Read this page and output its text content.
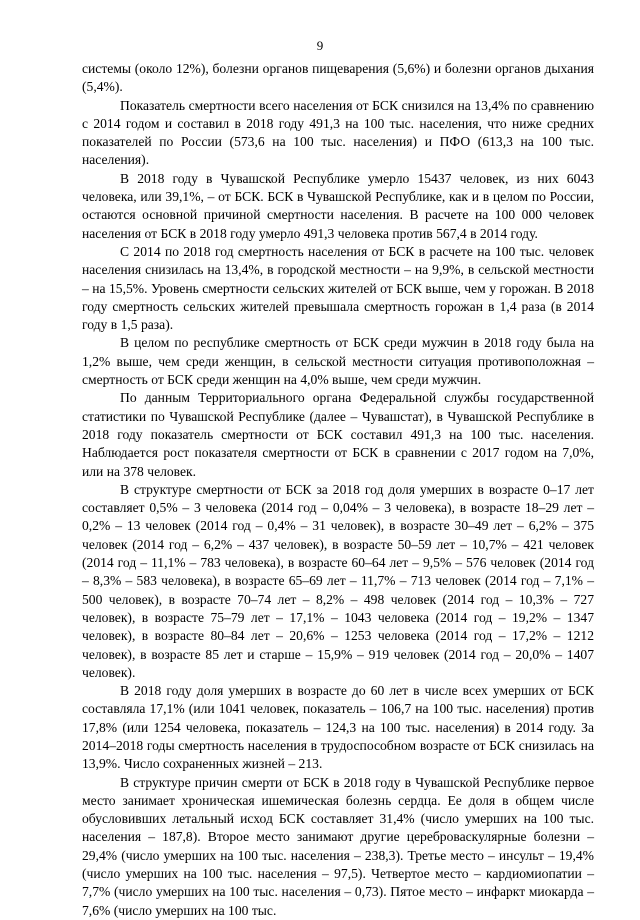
9

системы (около 12%), болезни органов пищеварения (5,6%) и болезни органов дыхания (5,4%).

Показатель смертности всего населения от БСК снизился на 13,4% по сравнению с 2014 годом и составил в 2018 году 491,3 на 100 тыс. населения, что ниже средних показателей по России (573,6 на 100 тыс. населения) и ПФО (613,3 на 100 тыс. населения).

В 2018 году в Чувашской Республике умерло 15437 человек, из них 6043 человека, или 39,1%, – от БСК. БСК в Чувашской Республике, как и в целом по России, остаются основной причиной смертности населения. В расчете на 100 000 человек населения от БСК в 2018 году умерло 491,3 человека против 567,4 в 2014 году.

С 2014 по 2018 год смертность населения от БСК в расчете на 100 тыс. человек населения снизилась на 13,4%, в городской местности – на 9,9%, в сельской местности – на 15,5%. Уровень смертности сельских жителей от БСК выше, чем у горожан. В 2018 году смертность сельских жителей превышала смертность горожан в 1,4 раза (в 2014 году в 1,5 раза).

В целом по республике смертность от БСК среди мужчин в 2018 году была на 1,2% выше, чем среди женщин, в сельской местности ситуация противоположная – смертность от БСК среди женщин на 4,0% выше, чем среди мужчин.

По данным Территориального органа Федеральной службы государственной статистики по Чувашской Республике (далее – Чувашстат), в Чувашской Республике в 2018 году показатель смертности от БСК составил 491,3 на 100 тыс. населения. Наблюдается рост показателя смертности от БСК в сравнении с 2017 годом на 7,0%, или на 378 человек.

В структуре смертности от БСК за 2018 год доля умерших в возрасте 0–17 лет составляет 0,5% – 3 человека (2014 год – 0,04% – 3 человека), в возрасте 18–29 лет – 0,2% – 13 человек (2014 год – 0,4% – 31 человек), в возрасте 30–49 лет – 6,2% – 375 человек (2014 год – 6,2% – 437 человек), в возрасте 50–59 лет – 10,7% – 421 человек (2014 год – 11,1% – 783 человека), в возрасте 60–64 лет – 9,5% – 576 человек (2014 год – 8,3% – 583 человека), в возрасте 65–69 лет – 11,7% – 713 человек (2014 год – 7,1% – 500 человек), в возрасте 70–74 лет – 8,2% – 498 человек (2014 год – 10,3% – 727 человек), в возрасте 75–79 лет – 17,1% – 1043 человека (2014 год – 19,2% – 1347 человек), в возрасте 80–84 лет – 20,6% – 1253 человека (2014 год – 17,2% – 1212 человек), в возрасте 85 лет и старше – 15,9% – 919 человек (2014 год – 20,0% – 1407 человек).

В 2018 году доля умерших в возрасте до 60 лет в числе всех умерших от БСК составляла 17,1% (или 1041 человек, показатель – 106,7 на 100 тыс. населения) против 17,8% (или 1254 человека, показатель – 124,3 на 100 тыс. населения) в 2014 году. За 2014–2018 годы смертность населения в трудоспособном возрасте от БСК снизилась на 13,9%. Число сохраненных жизней – 213.

В структуре причин смерти от БСК в 2018 году в Чувашской Республике первое место занимает хроническая ишемическая болезнь сердца. Ее доля в общем числе обусловивших летальный исход БСК составляет 31,4% (число умерших на 100 тыс. населения – 187,8). Второе место занимают другие цереброваскулярные болезни – 29,4% (число умерших на 100 тыс. населения – 238,3). Третье место – инсульт – 19,4% (число умерших на 100 тыс. населения – 97,5). Четвертое место – кардиомиопатии – 7,7% (число умерших на 100 тыс. населения – 0,73). Пятое место – инфаркт миокарда – 7,6% (число умерших на 100 тыс.
